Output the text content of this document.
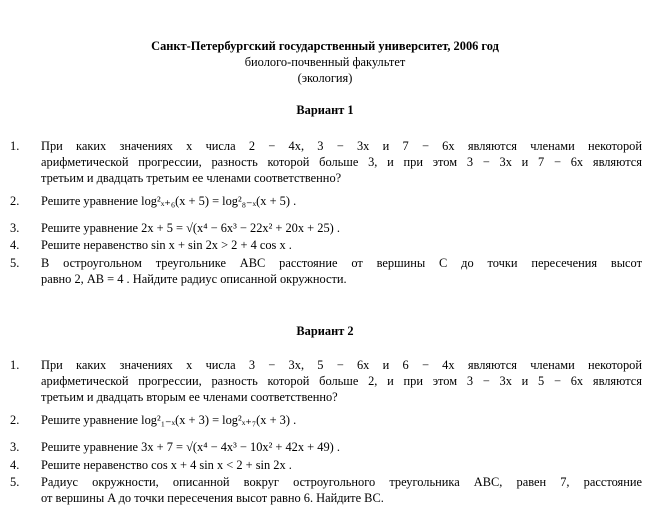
Санкт-Петербургский государственный университет, 2006 год
биолого-почвенный факультет
(экология)
Вариант 1
1. При каких значениях x числа 2 − 4x, 3 − 3x и 7 − 6x являются членами некоторой
арифметической прогрессии, разность которой больше 3, и при этом 3 − 3x и 7 − 6x являются
третьим и двадцать третьим ее членами соответственно?
2. Решите уравнение log²ₓ₊₆(x + 5) = log²₈₋ₓ(x + 5) .
3. Решите уравнение 2x + 5 = √(x⁴ − 6x³ − 22x² + 20x + 25) .
4. Решите неравенство sin x + sin 2x > 2 + 4 cos x .
5. В остроугольном треугольнике ABC расстояние от вершины C до точки пересечения высот
равно 2, AB = 4 . Найдите радиус описанной окружности.
Вариант 2
1. При каких значениях x числа 3 − 3x, 5 − 6x и 6 − 4x являются членами некоторой
арифметической прогрессии, разность которой больше 2, и при этом 3 − 3x и 5 − 6x являются
третьим и двадцать вторым ее членами соответственно?
2. Решите уравнение log²₁₋ₓ(x + 3) = log²ₓ₊₇(x + 3) .
3. Решите уравнение 3x + 7 = √(x⁴ − 4x³ − 10x² + 42x + 49) .
4. Решите неравенство cos x + 4 sin x < 2 + sin 2x .
5. Радиус окружности, описанной вокруг остроугольного треугольника ABC, равен 7, расстояние
от вершины A до точки пересечения высот равно 6. Найдите BC.
